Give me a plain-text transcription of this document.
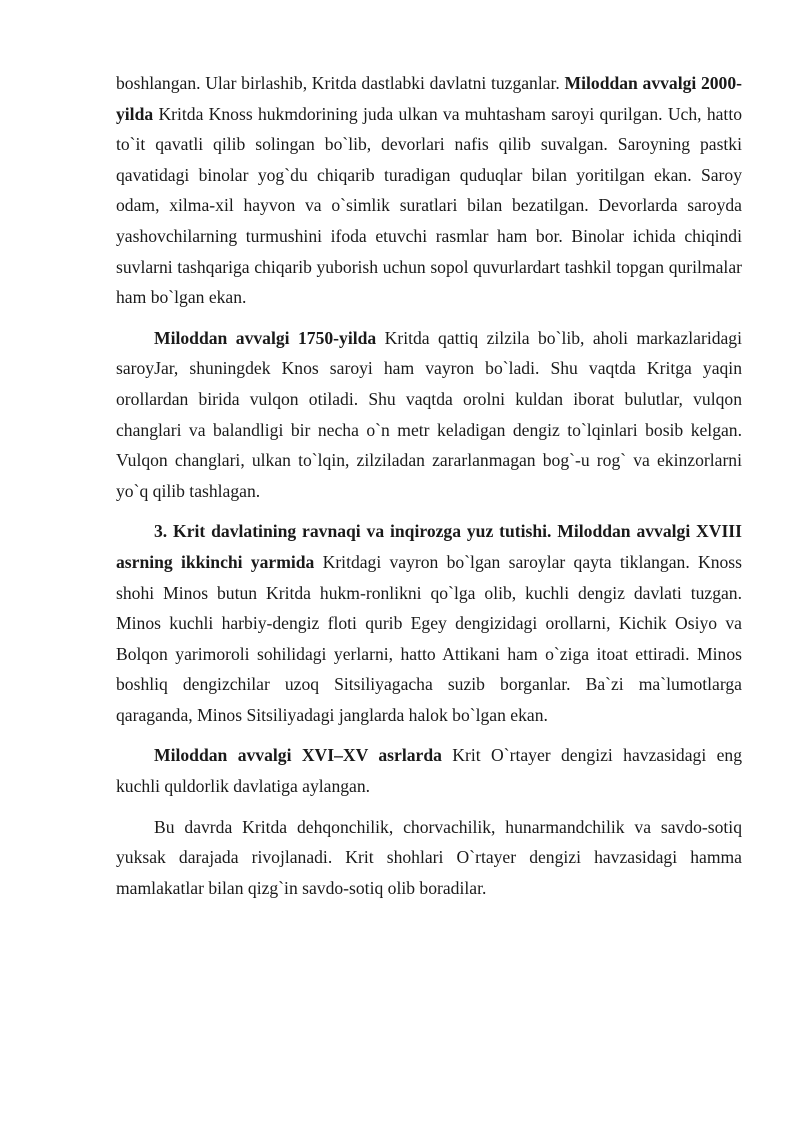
boshlangan. Ular birlashib, Kritda dastlabki davlatni tuzganlar. Miloddan avvalgi 2000-yilda Kritda Knoss hukmdorining juda ulkan va muhtasham saroyi qurilgan. Uch, hatto to`it qavatli qilib solingan bo`lib, devorlari nafis qilib suvalgan. Saroyning pastki qavatidagi binolar yog`du chiqarib turadigan quduqlar bilan yoritilgan ekan. Saroy odam, xilma-xil hayvon va o`simlik suratlari bilan bezatilgan. Devorlarda saroyda yashovchilarning turmushini ifoda etuvchi rasmlar ham bor. Binolar ichida chiqindi suvlarni tashqariga chiqarib yuborish uchun sopol quvurlardart tashkil topgan qurilmalar ham bo`lgan ekan.

Miloddan avvalgi 1750-yilda Kritda qattiq zilzila bo`lib, aholi markazlaridagi saroyJar, shuningdek Knos saroyi ham vayron bo`ladi. Shu vaqtda Kritga yaqin orollardan birida vulqon otiladi. Shu vaqtda orolni kuldan iborat bulutlar, vulqon changlari va balandligi bir necha o`n metr keladigan dengiz to`lqinlari bosib kelgan. Vulqon changlari, ulkan to`lqin, zilziladan zararlanmagan bog`-u rog` va ekinzorlarni yo`q qilib tashlagan.

3. Krit davlatining ravnaqi va inqirozga yuz tutishi. Miloddan avvalgi XVIII asrning ikkinchi yarmida Kritdagi vayron bo`lgan saroylar qayta tiklangan. Knoss shohi Minos butun Kritda hukm-ronlikni qo`lga olib, kuchli dengiz davlati tuzgan. Minos kuchli harbiy-dengiz floti qurib Egey dengizidagi orollarni, Kichik Osiyo va Bolqon yarimoroli sohilidagi yerlarni, hatto Attikani ham o`ziga itoat ettiradi. Minos boshliq dengizchilar uzoq Sitsiliyagacha suzib borganlar. Ba`zi ma`lumotlarga qaraganda, Minos Sitsiliyadagi janglarda halok bo`lgan ekan.

Miloddan avvalgi XVI–XV asrlarda Krit O`rtayer dengizi havzasidagi eng kuchli quldorlik davlatiga aylangan.

Bu davrda Kritda dehqonchilik, chorvachilik, hunarmandchilik va savdo-sotiq yuksak darajada rivojlanadi. Krit shohlari O`rtayer dengizi havzasidagi hamma mamlakatlar bilan qizg`in savdo-sotiq olib boradilar.
